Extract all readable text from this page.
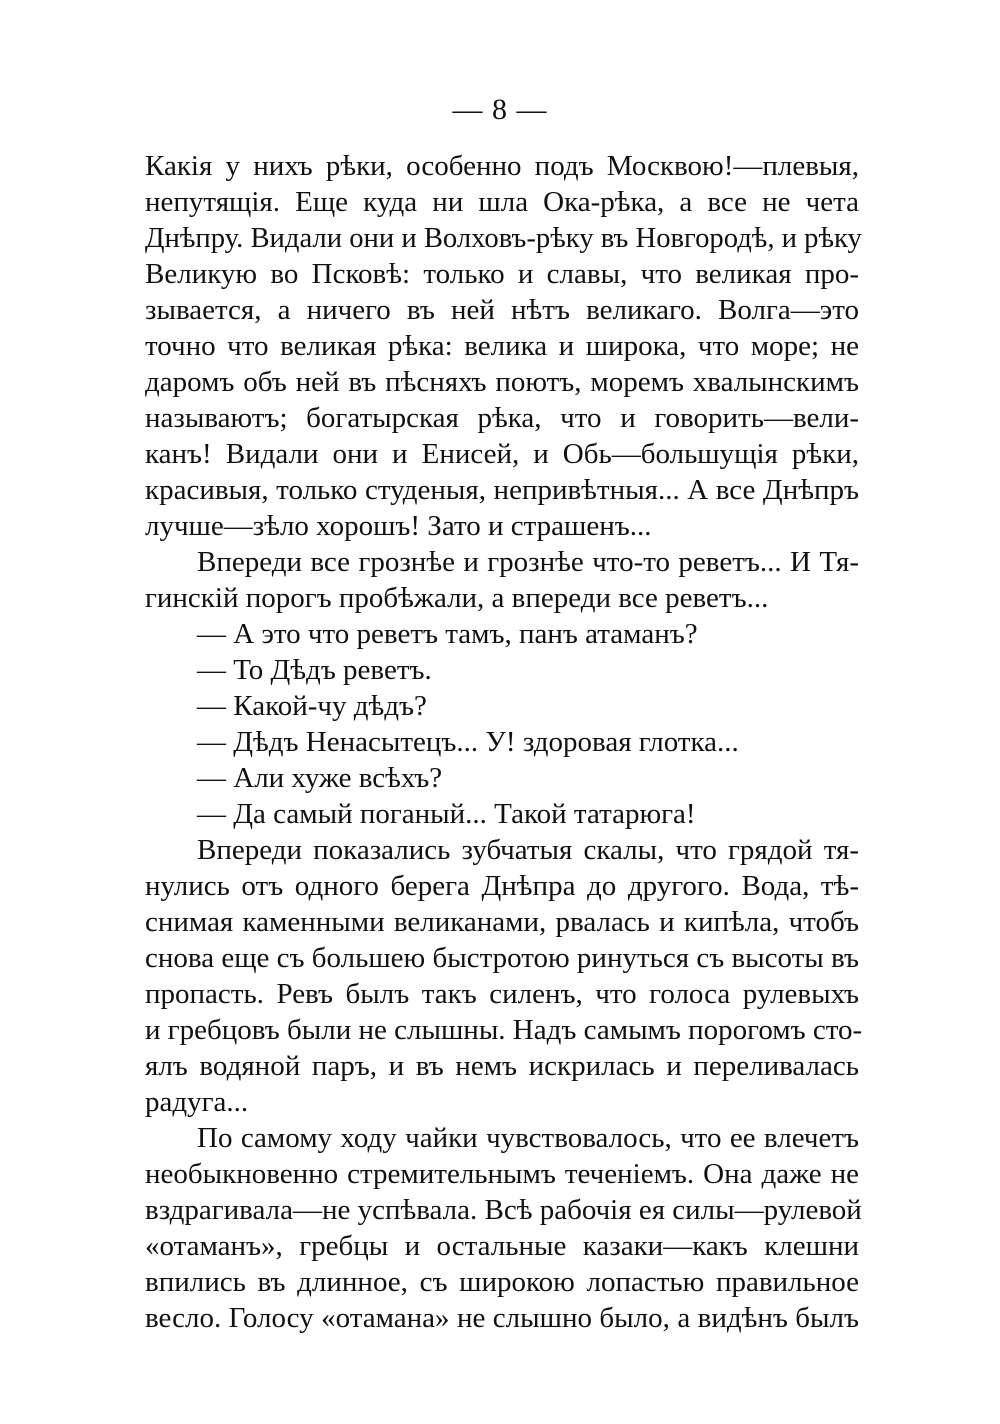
— 8 —
Какія у нихъ рѣки, особенно подъ Москвою!—плевыя,
непутящія. Еще куда ни шла Ока-рѣка, а все не чета
Днѣпру. Видали они и Волховъ-рѣку въ Новгородѣ, и рѣку
Великую во Псковѣ: только и славы, что великая про-
зывается, а ничего въ ней нѣтъ великаго. Волга—это
точно что великая рѣка: велика и широка, что море; не
даромъ объ ней въ пѣсняхъ поютъ, моремъ хвалынскимъ
называютъ; богатырская рѣка, что и говорить—вели-
канъ! Видали они и Енисей, и Обь—большущія рѣки,
красивыя, только студеныя, непривѣтныя... А все Днѣпръ
лучше—зѣло хорошъ! Зато и страшенъ...
Впереди все грознѣе и грознѣе что-то реветъ... И Тя-
гинскій порогъ пробѣжали, а впереди все реветъ...
— А это что реветъ тамъ, панъ атаманъ?
— То Дѣдъ реветъ.
— Какой-чу дѣдъ?
— Дѣдъ Ненасытецъ... У! здоровая глотка...
— Али хуже всѣхъ?
— Да самый поганый... Такой татарюга!
Впереди показались зубчатыя скалы, что грядой тя-
нулись отъ одного берега Днѣпра до другого. Вода, тѣ-
снимая каменными великанами, рвалась и кипѣла, чтобъ
снова еще съ большею быстротою ринуться съ высоты въ
пропасть. Ревъ былъ такъ силенъ, что голоса рулевыхъ
и гребцовъ были не слышны. Надъ самымъ порогомъ сто-
ялъ водяной паръ, и въ немъ искрилась и переливалась
радуга...
По самому ходу чайки чувствовалось, что ее влечетъ
необыкновенно стремительнымъ теченіемъ. Она даже не
вздрагивала—не успѣвала. Всѣ рабочія ея силы—рулевой
«отаманъ», гребцы и остальные казаки—какъ клешни
впились въ длинное, съ широкою лопастью правильное
весло. Голосу «отамана» не слышно было, а видѣнъ былъ
